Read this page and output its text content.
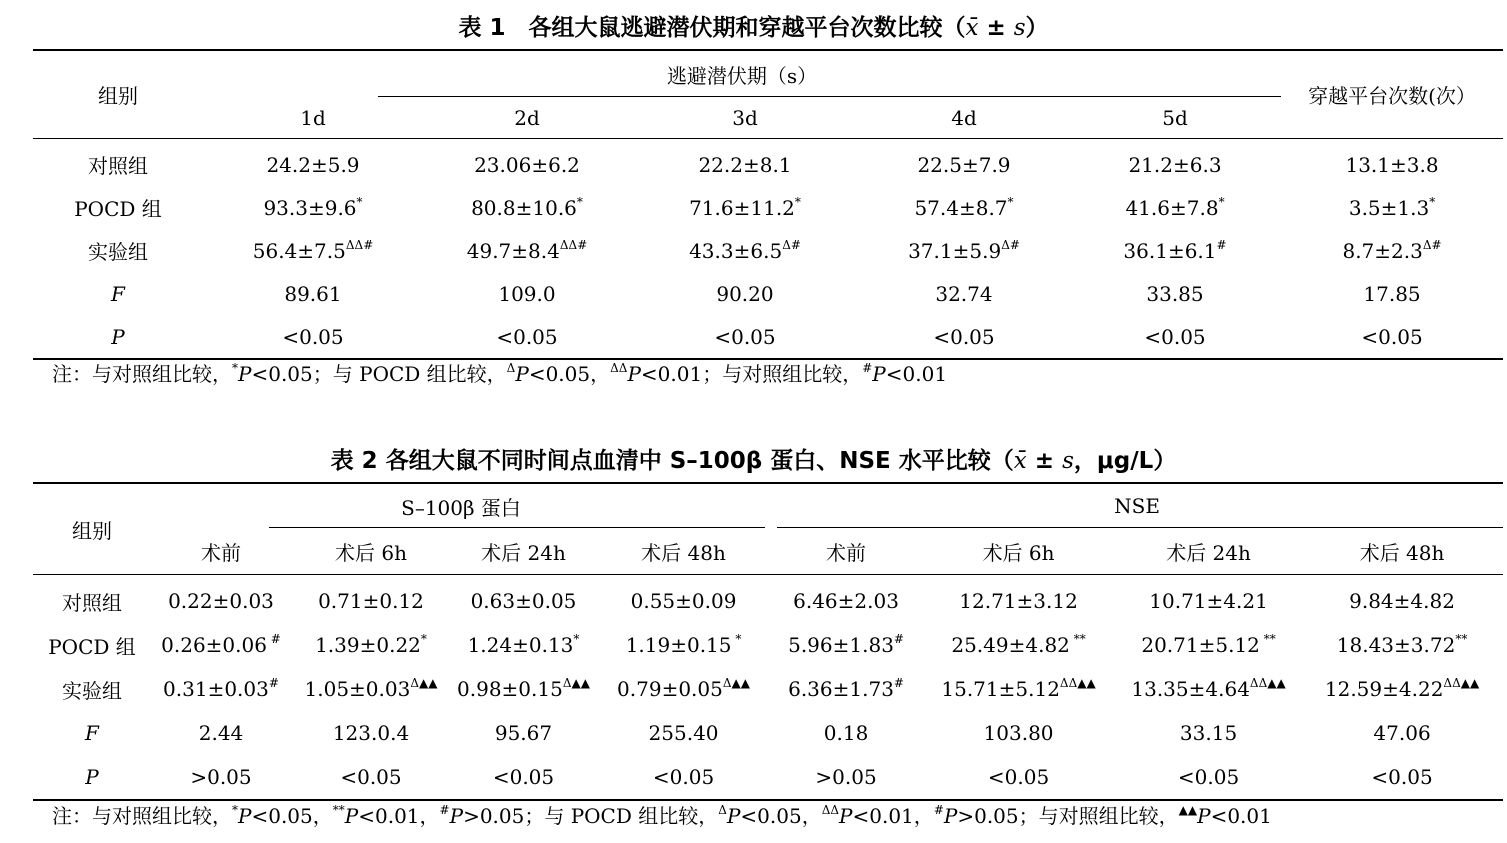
表 1　各组大鼠逃避潜伏期和穿越平台次数比较（x̄ ± s）
组别	逃避潜伏期（s）					穿越平台次数(次）
	1d	2d	3d	4d	5d	
对照组	24.2±5.9	23.06±6.2	22.2±8.1	22.5±7.9	21.2±6.3	13.1±3.8
POCD 组	93.3±9.6*	80.8±10.6*	71.6±11.2*	57.4±8.7*	41.6±7.8*	3.5±1.3*
实验组	$56.4\pm 7.5^{\Delta\Delta\#}$	$49.7\pm 8.4^{\Delta\Delta\#}$	$43.3\pm 6.5^{\Delta\#}$	$37.1\pm 5.9^{\Delta\#}$	36.1±6.1#	$8.7\pm 2.3^{\Delta\#}$
F	89.61	109.0	90.20	32.74	33.85	17.85
P	<0.05	<0.05	<0.05	<0.05	<0.05	<0.05
注：与对照组比较，*P<0.05；与 POCD 组比较，$^\Delta$P<0.05，$^{\Delta\Delta}$P<0.01；与对照组比较，#P<0.01
表 2 各组大鼠不同时间点血清中 S–100β 蛋白、NSE 水平比较（x̄ ± s，μg/L）
组别	S–100β 蛋白				NSE			
	术前	术后 6h	术后 24h	术后 48h	术前	术后 6h	术后 24h	术后 48h
对照组	0.22±0.03	0.71±0.12	0.63±0.05	0.55±0.09	6.46±2.03	12.71±3.12	10.71±4.21	9.84±4.82
POCD 组	0.26±0.06 #	1.39±0.22*	1.24±0.13*	1.19±0.15 *	5.96±1.83#	25.49±4.82 **	20.71±5.12 **	18.43±3.72**
实验组	0.31±0.03#	$1.05\pm 0.03^{\Delta▲▲}$	$0.98\pm 0.15^{\Delta▲▲}$	$0.79\pm 0.05^{\Delta▲▲}$	6.36±1.73#	$15.71\pm 5.12^{\Delta\Delta▲▲}$	$13.35\pm 4.64^{\Delta\Delta▲▲}$	$12.59\pm 4.22^{\Delta\Delta▲▲}$
F	2.44	123.0.4	95.67	255.40	0.18	103.80	33.15	47.06
P	>0.05	<0.05	<0.05	<0.05	>0.05	<0.05	<0.05	<0.05
注：与对照组比较，*P<0.05，**P<0.01，#P>0.05；与 POCD 组比较，$^\Delta$P<0.05，$^{\Delta\Delta}$P<0.01，#P>0.05；与对照组比较，▲▲P<0.01
